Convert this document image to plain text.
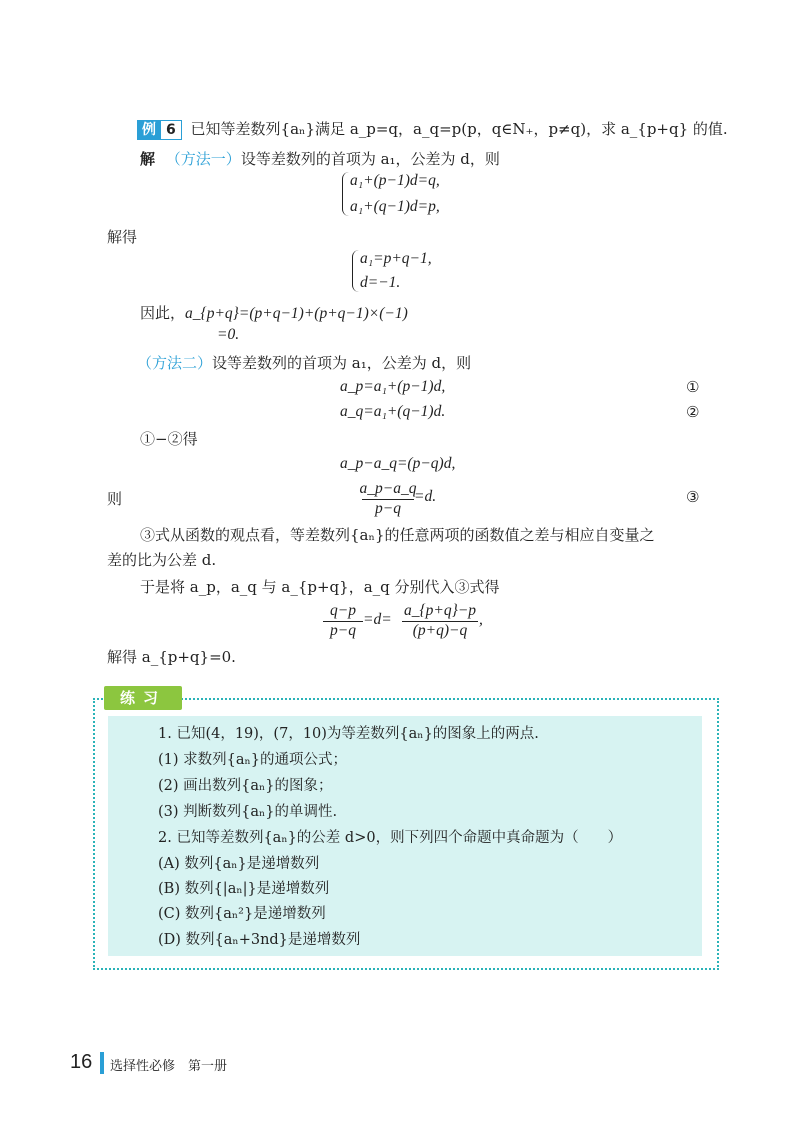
例 6 已知等差数列{aₙ}满足 a_p=q，a_q=p(p，q∈N₊，p≠q)，求 a_{p+q} 的值.
解 （方法一）设等差数列的首项为 a₁，公差为 d，则
a₁+(p−1)d=q,
a₁+(q−1)d=p,
解得
a₁=p+q−1,
d=−1.
因此，a_{p+q}=(p+q−1)+(p+q−1)×(−1)
=0.
（方法二）设等差数列的首项为 a₁，公差为 d，则
a_p=a₁+(p−1)d,	①
a_q=a₁+(q−1)d.	②
①−②得
a_p−a_q=(p−q)d,
则
a_p−a_q
p−q
=d.	③
③式从函数的观点看，等差数列{aₙ}的任意两项的函数值之差与相应自变量之
差的比为公差 d.
于是将 a_p，a_q 与 a_{p+q}，a_q 分别代入③式得
q−p
p−q
=d=
a_{p+q}−p
(p+q)−q
,
解得 a_{p+q}=0.
练习
1. 已知(4，19)，(7，10)为等差数列{aₙ}的图象上的两点.
(1) 求数列{aₙ}的通项公式；
(2) 画出数列{aₙ}的图象；
(3) 判断数列{aₙ}的单调性.
2. 已知等差数列{aₙ}的公差 d>0，则下列四个命题中真命题为（　　）
(A) 数列{aₙ}是递增数列
(B) 数列{|aₙ|}是递增数列
(C) 数列{aₙ²}是递增数列
(D) 数列{aₙ+3nd}是递增数列
16 选择性必修　第一册
